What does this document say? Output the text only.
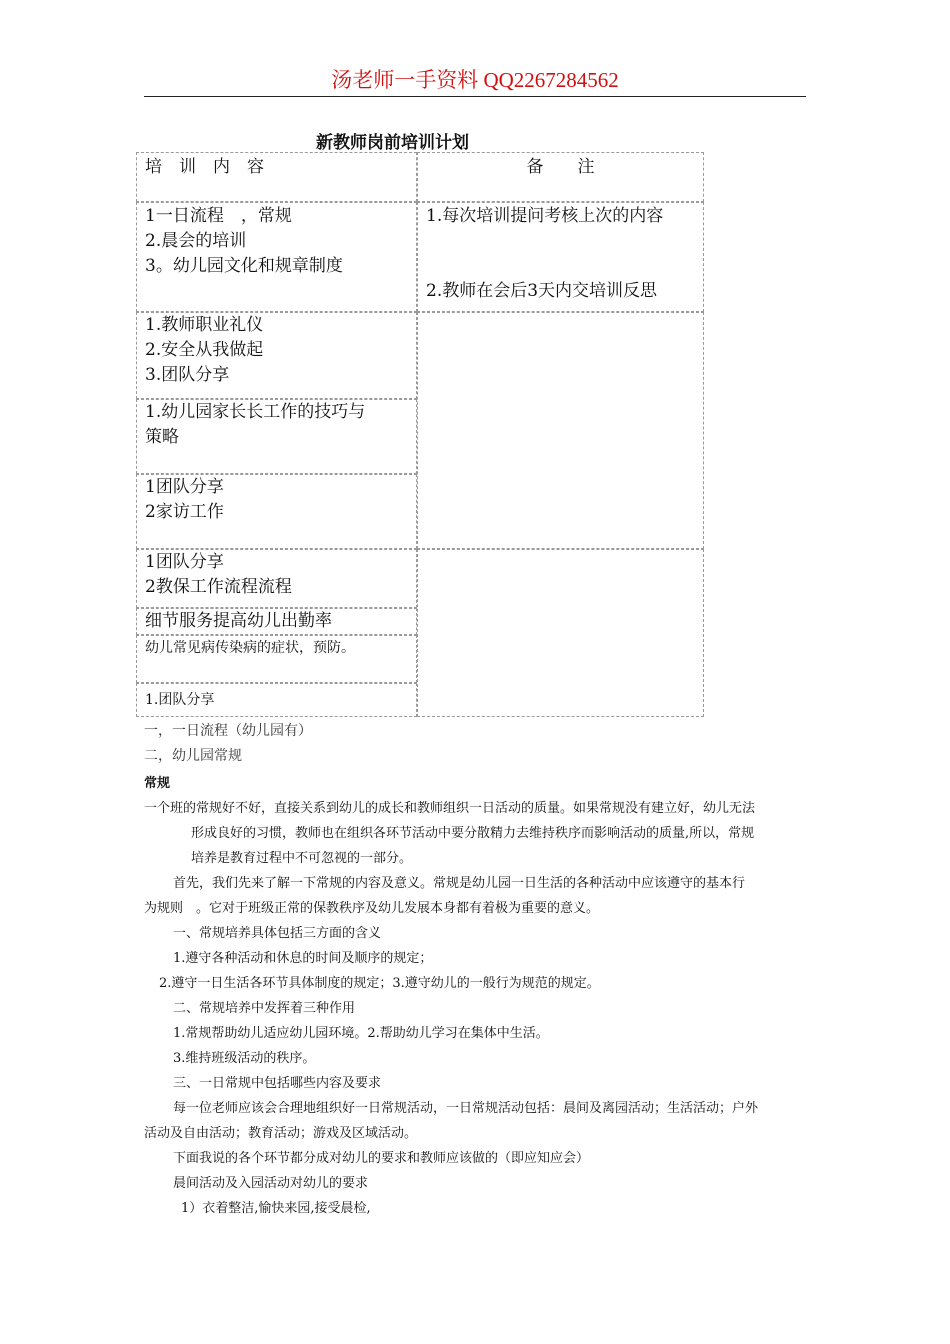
汤老师一手资料 QQ2267284562
新教师岗前培训计划
培　训　内　容	备　　注
1一日流程　，常规
2.晨会的培训
3。幼儿园文化和规章制度
1.每次培训提问考核上次的内容
2.教师在会后3天内交培训反思
1.教师职业礼仪
2.安全从我做起
3.团队分享
1.幼儿园家长长工作的技巧与
策略
1团队分享
2家访工作
1团队分享
2教保工作流程流程
细节服务提高幼儿出勤率
幼儿常见病传染病的症状，预防。
1.团队分享
一，一日流程（幼儿园有）
二，幼儿园常规
常规
一个班的常规好不好，直接关系到幼儿的成长和教师组织一日活动的质量。如果常规没有建立好，幼儿无法
形成良好的习惯，教师也在组织各环节活动中要分散精力去维持秩序而影响活动的质量,所以，常规
培养是教育过程中不可忽视的一部分。
首先，我们先来了解一下常规的内容及意义。常规是幼儿园一日生活的各种活动中应该遵守的基本行
为规则　。它对于班级正常的保教秩序及幼儿发展本身都有着极为重要的意义。
一、常规培养具体包括三方面的含义
1.遵守各种活动和休息的时间及顺序的规定；
2.遵守一日生活各环节具体制度的规定；3.遵守幼儿的一般行为规范的规定。
二、常规培养中发挥着三种作用
1.常规帮助幼儿适应幼儿园环境。2.帮助幼儿学习在集体中生活。
3.维持班级活动的秩序。
三、一日常规中包括哪些内容及要求
每一位老师应该会合理地组织好一日常规活动，一日常规活动包括：晨间及离园活动；生活活动；户外
活动及自由活动；教育活动；游戏及区域活动。
下面我说的各个环节都分成对幼儿的要求和教师应该做的（即应知应会）
晨间活动及入园活动对幼儿的要求
1）衣着整洁,愉快来园,接受晨检,
